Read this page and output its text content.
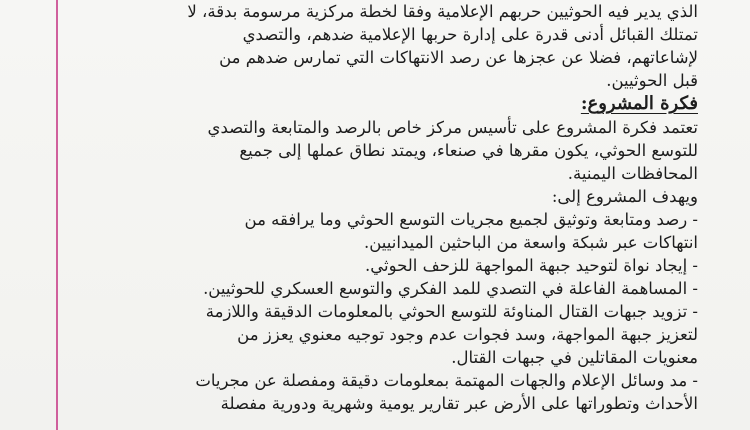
الذي يدير فيه الحوثيين حربهم الإعلامية وفقا لخطة مركزية مرسومة بدقة، لا
تمتلك القبائل أدنى قدرة على إدارة حربها الإعلامية ضدهم، والتصدي
لإشاعاتهم، فضلا عن عجزها عن رصد الانتهاكات التي تمارس ضدهم من
قبل الحوثيين.
فكرة المشروع:
تعتمد فكرة المشروع على تأسيس مركز خاص بالرصد والمتابعة والتصدي
للتوسع الحوثي، يكون مقرها في صنعاء، ويمتد نطاق عملها إلى جميع
المحافظات اليمنية.
ويهدف المشروع إلى:
- رصد ومتابعة وتوثيق لجميع مجريات التوسع الحوثي وما يرافقه من
انتهاكات عبر شبكة واسعة من الباحثين الميدانيين.
- إيجاد نواة لتوحيد جبهة المواجهة للزحف الحوثي.
- المساهمة الفاعلة في التصدي للمد الفكري والتوسع العسكري للحوثيين.
- تزويد جبهات القتال المناوئة للتوسع الحوثي بالمعلومات الدقيقة واللازمة
لتعزيز جبهة المواجهة، وسد فجوات عدم وجود توجيه معنوي يعزز من
معنويات المقاتلين في جبهات القتال.
- مد وسائل الإعلام والجهات المهتمة بمعلومات دقيقة ومفصلة عن مجريات
الأحداث وتطوراتها على الأرض عبر تقارير يومية وشهرية ودورية مفصلة
